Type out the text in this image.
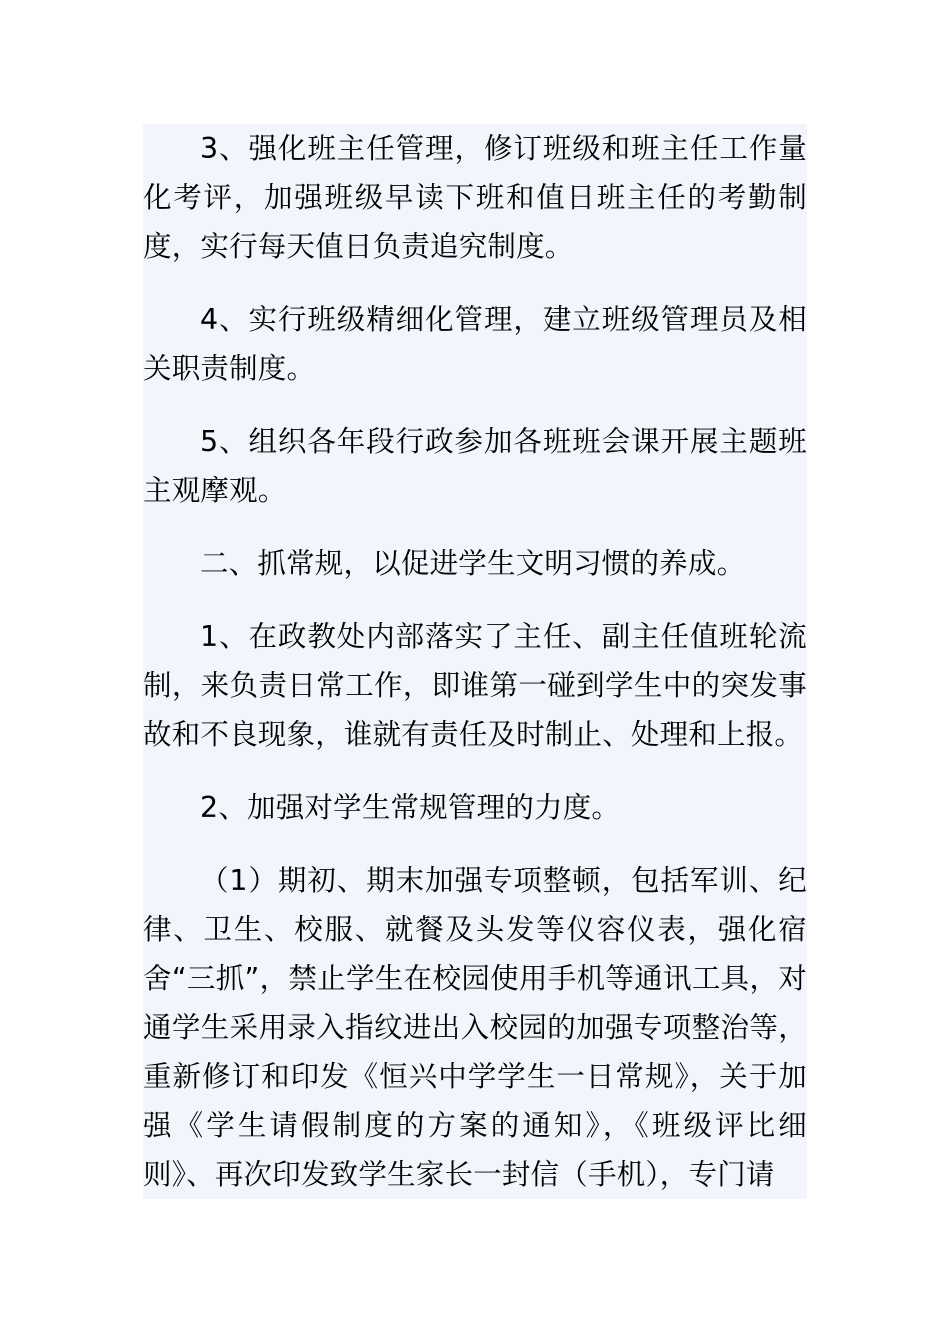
3、强化班主任管理，修订班级和班主任工作量化考评，加强班级早读下班和值日班主任的考勤制度，实行每天值日负责追究制度。

4、实行班级精细化管理，建立班级管理员及相关职责制度。

5、组织各年段行政参加各班班会课开展主题班主观摩观。

二、抓常规，以促进学生文明习惯的养成。

1、在政教处内部落实了主任、副主任值班轮流制，来负责日常工作，即谁第一碰到学生中的突发事故和不良现象，谁就有责任及时制止、处理和上报。

2、加强对学生常规管理的力度。

（1）期初、期末加强专项整顿，包括军训、纪律、卫生、校服、就餐及头发等仪容仪表，强化宿舍“三抓”，禁止学生在校园使用手机等通讯工具，对通学生采用录入指纹进出入校园的加强专项整治等，重新修订和印发《恒兴中学学生一日常规》，关于加强《学生请假制度的方案的通知》，《班级评比细则》、再次印发致学生家长一封信（手机），专门请
